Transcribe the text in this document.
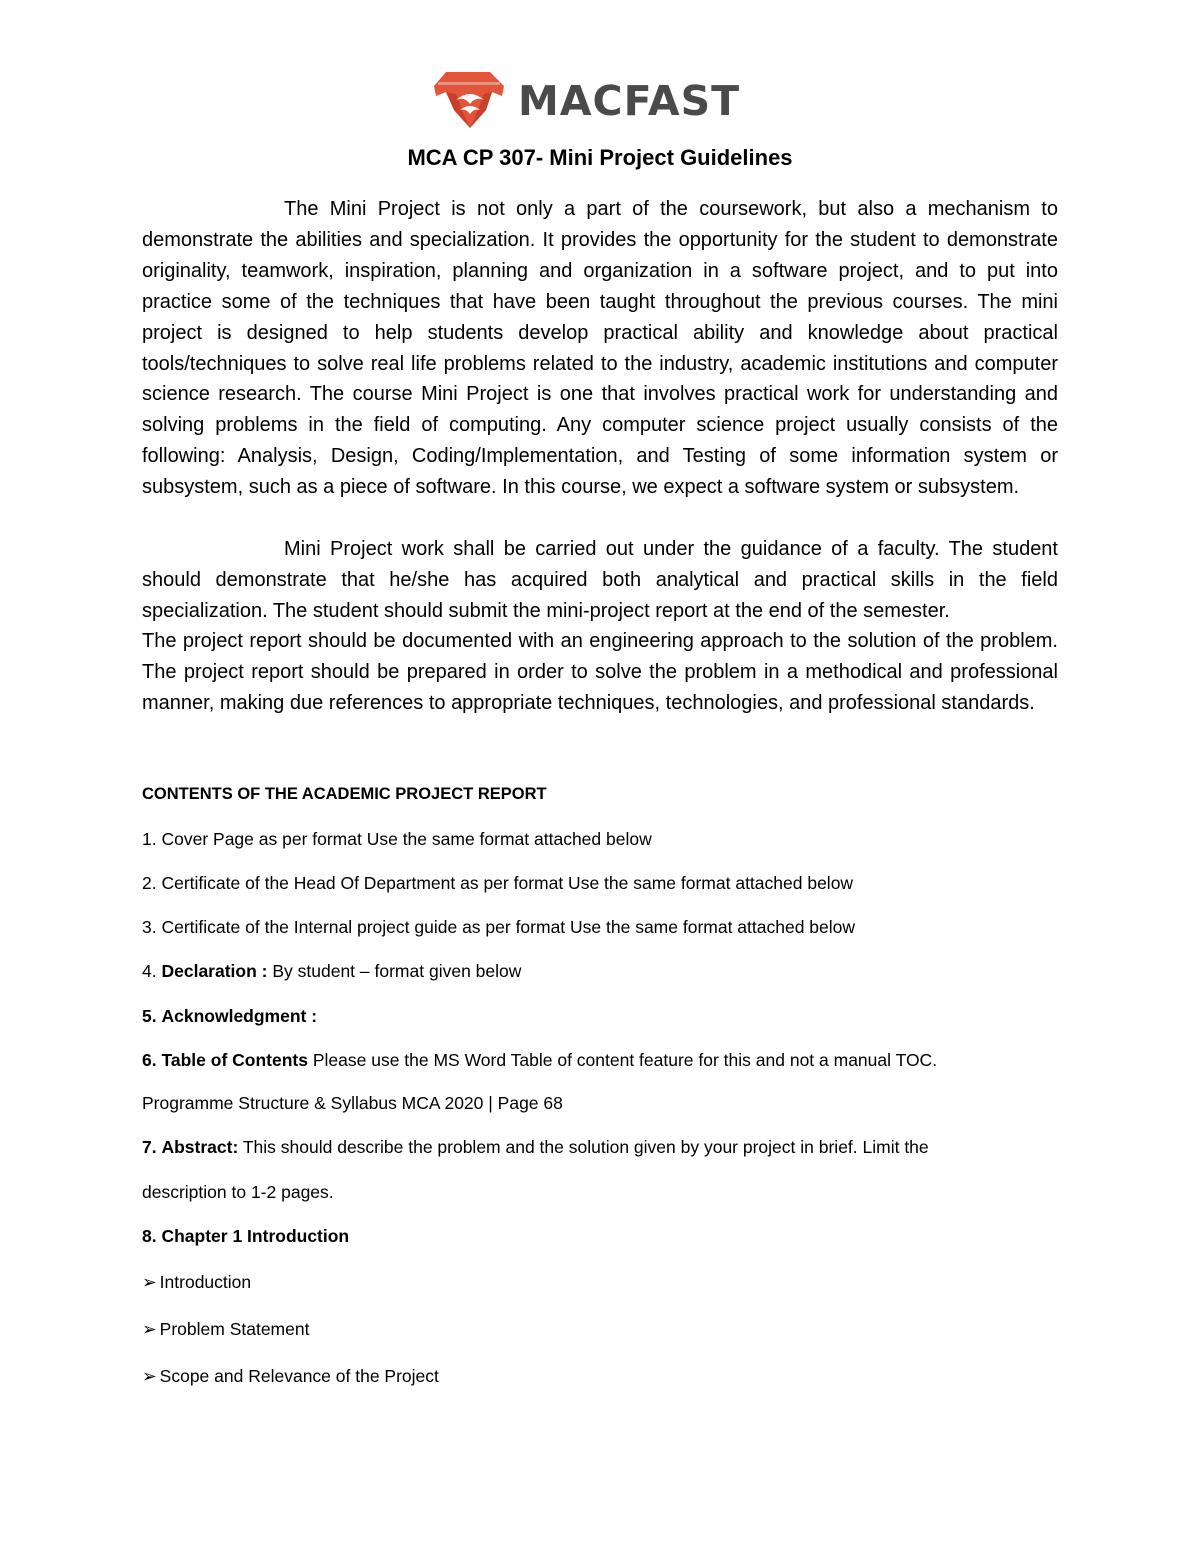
MACFAST
MCA CP 307- Mini Project Guidelines

The Mini Project is not only a part of the coursework, but also a mechanism to demonstrate the abilities and specialization. It provides the opportunity for the student to demonstrate originality, teamwork, inspiration, planning and organization in a software project, and to put into practice some of the techniques that have been taught throughout the previous courses. The mini project is designed to help students develop practical ability and knowledge about practical tools/techniques to solve real life problems related to the industry, academic institutions and computer science research. The course Mini Project is one that involves practical work for understanding and solving problems in the field of computing. Any computer science project usually consists of the following: Analysis, Design, Coding/Implementation, and Testing of some information system or subsystem, such as a piece of software. In this course, we expect a software system or subsystem.

Mini Project work shall be carried out under the guidance of a faculty. The student should demonstrate that he/she has acquired both analytical and practical skills in the field specialization. The student should submit the mini-project report at the end of the semester.

The project report should be documented with an engineering approach to the solution of the problem. The project report should be prepared in order to solve the problem in a methodical and professional manner, making due references to appropriate techniques, technologies, and professional standards.

CONTENTS OF THE ACADEMIC PROJECT REPORT
1. Cover Page as per format Use the same format attached below
2. Certificate of the Head Of Department as per format Use the same format attached below
3. Certificate of the Internal project guide as per format Use the same format attached below
4. Declaration : By student – format given below
5. Acknowledgment :
6. Table of Contents Please use the MS Word Table of content feature for this and not a manual TOC.
Programme Structure & Syllabus MCA 2020 | Page 68
7. Abstract: This should describe the problem and the solution given by your project in brief. Limit the
description to 1-2 pages.
8. Chapter 1 Introduction
➢ Introduction
➢ Problem Statement
➢ Scope and Relevance of the Project
